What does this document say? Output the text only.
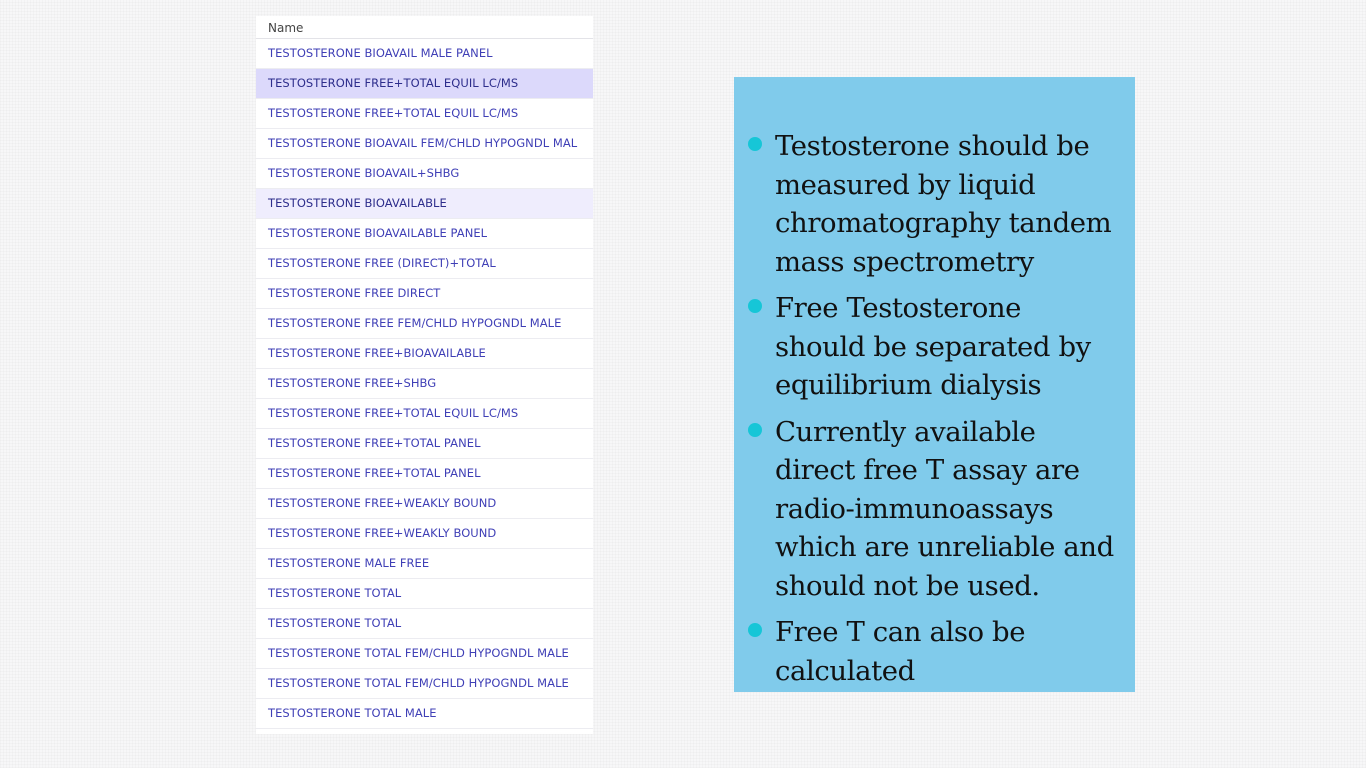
Name
TESTOSTERONE BIOAVAIL MALE PANEL
TESTOSTERONE FREE+TOTAL EQUIL LC/MS
TESTOSTERONE FREE+TOTAL EQUIL LC/MS
TESTOSTERONE BIOAVAIL FEM/CHLD HYPOGNDL MAL
TESTOSTERONE BIOAVAIL+SHBG
TESTOSTERONE BIOAVAILABLE
TESTOSTERONE BIOAVAILABLE PANEL
TESTOSTERONE FREE (DIRECT)+TOTAL
TESTOSTERONE FREE DIRECT
TESTOSTERONE FREE FEM/CHLD HYPOGNDL MALE
TESTOSTERONE FREE+BIOAVAILABLE
TESTOSTERONE FREE+SHBG
TESTOSTERONE FREE+TOTAL EQUIL LC/MS
TESTOSTERONE FREE+TOTAL PANEL
TESTOSTERONE FREE+TOTAL PANEL
TESTOSTERONE FREE+WEAKLY BOUND
TESTOSTERONE FREE+WEAKLY BOUND
TESTOSTERONE MALE FREE
TESTOSTERONE TOTAL
TESTOSTERONE TOTAL
TESTOSTERONE TOTAL FEM/CHLD HYPOGNDL MALE
TESTOSTERONE TOTAL FEM/CHLD HYPOGNDL MALE
TESTOSTERONE TOTAL MALE
Testosterone should be measured by liquid chromatography tandem mass spectrometry
Free Testosterone should be separated by equilibrium dialysis
Currently available direct free T assay are radio-immunoassays which are unreliable and should not be used.
Free T can also be calculated
